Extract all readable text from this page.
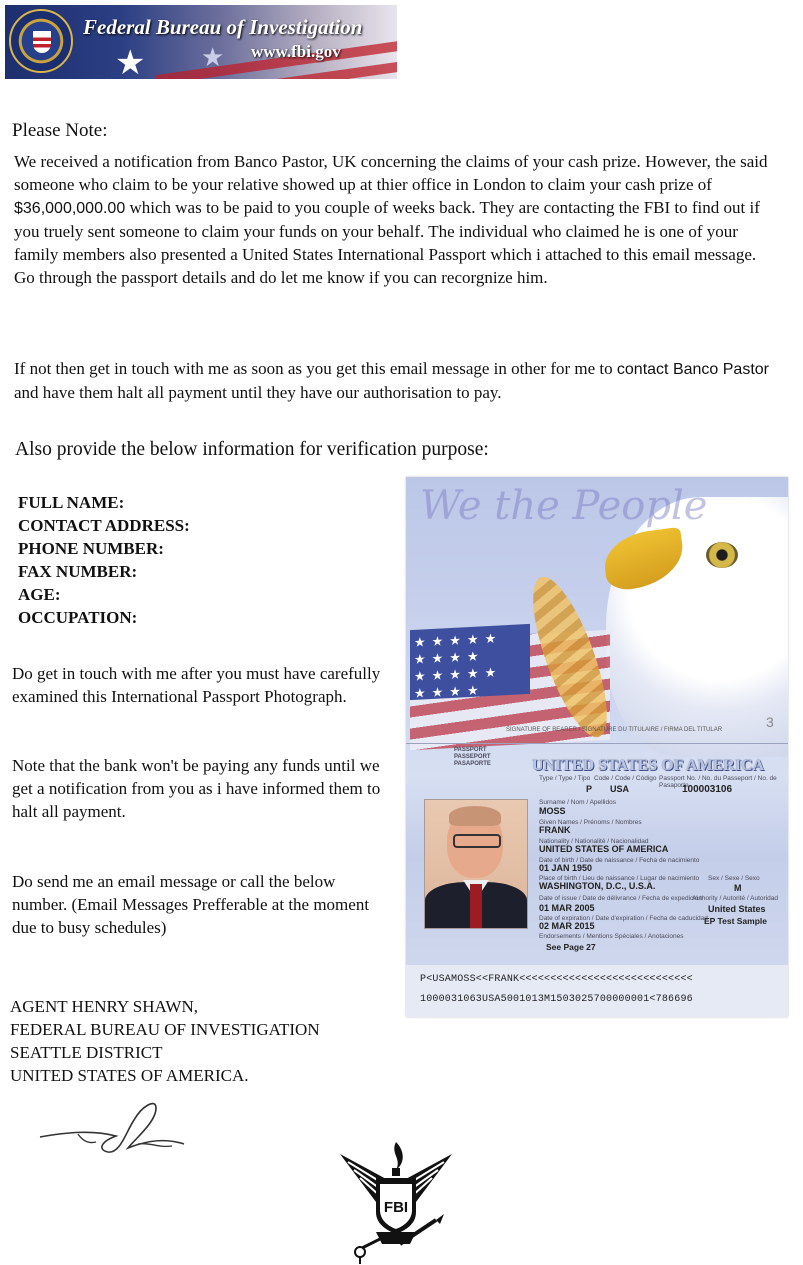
★ ★
Federal Bureau of Investigation
www.fbi.gov

Please Note:

We received a notification from Banco Pastor, UK concerning the claims of your cash prize. However, the said someone who claim to be your relative showed up at thier office in London to claim your cash prize of $36,000,000.00 which was to be paid to you couple of weeks back. They are contacting the FBI to find out if you truely sent someone to claim your funds on your behalf. The individual who claimed he is one of your family members also presented a United States International Passport which i attached to this email message. Go through the passport details and do let me know if you can recorgnize him.

If not then get in touch with me as soon as you get this email message in other for me to contact Banco Pastor and have them halt all payment until they have our authorisation to pay.

Also provide the below information for verification purpose:

FULL NAME:
CONTACT ADDRESS:
PHONE NUMBER:
FAX NUMBER:
AGE:
OCCUPATION:

Do get in touch with me after you must have carefully examined this International Passport Photograph.

Note that the bank won't be paying any funds until we get a notification from you as i have informed them to halt all payment.

Do send me an email message or call the below number. (Email Messages Prefferable at the moment due to busy schedules)

AGENT HENRY SHAWN,
FEDERAL BUREAU OF INVESTIGATION
SEATTLE DISTRICT
UNITED STATES OF AMERICA.
FBI
★★★★★ ★★★★ ★★★★★ ★★★★
We the People
SIGNATURE OF BEARER / SIGNATURE DU TITULAIRE / FIRMA DEL TITULAR	3
PASSPORT
PASSEPORT
PASAPORTE	UNITED STATES OF AMERICA
Type / Type / Tipo Code / Code / Código Passport No. / No. du Passeport / No. de Pasaporte
P USA	100003106
Surname / Nom / Apellidos
MOSS
Given Names / Prénoms / Nombres
FRANK
Nationality / Nationalité / Nacionalidad
UNITED STATES OF AMERICA
Date of birth / Date de naissance / Fecha de nacimiento
01 JAN 1950
Place of birth / Lieu de naissance / Lugar de nacimiento
WASHINGTON, D.C., U.S.A.
Sex / Sexe / Sexo
M
Date of issue / Date de délivrance / Fecha de expedición
01 MAR 2005
Authority / Autorité / Autoridad
United States
Date of expiration / Date d'expiration / Fecha de caducidad
02 MAR 2015	EP Test Sample
Endorsements / Mentions Spéciales / Anotaciones
See Page 27
P<USAMOSS<<FRANK<<<<<<<<<<<<<<<<<<<<<<<<<<<<
1000031063USA5001013M1503025700000001<786696
